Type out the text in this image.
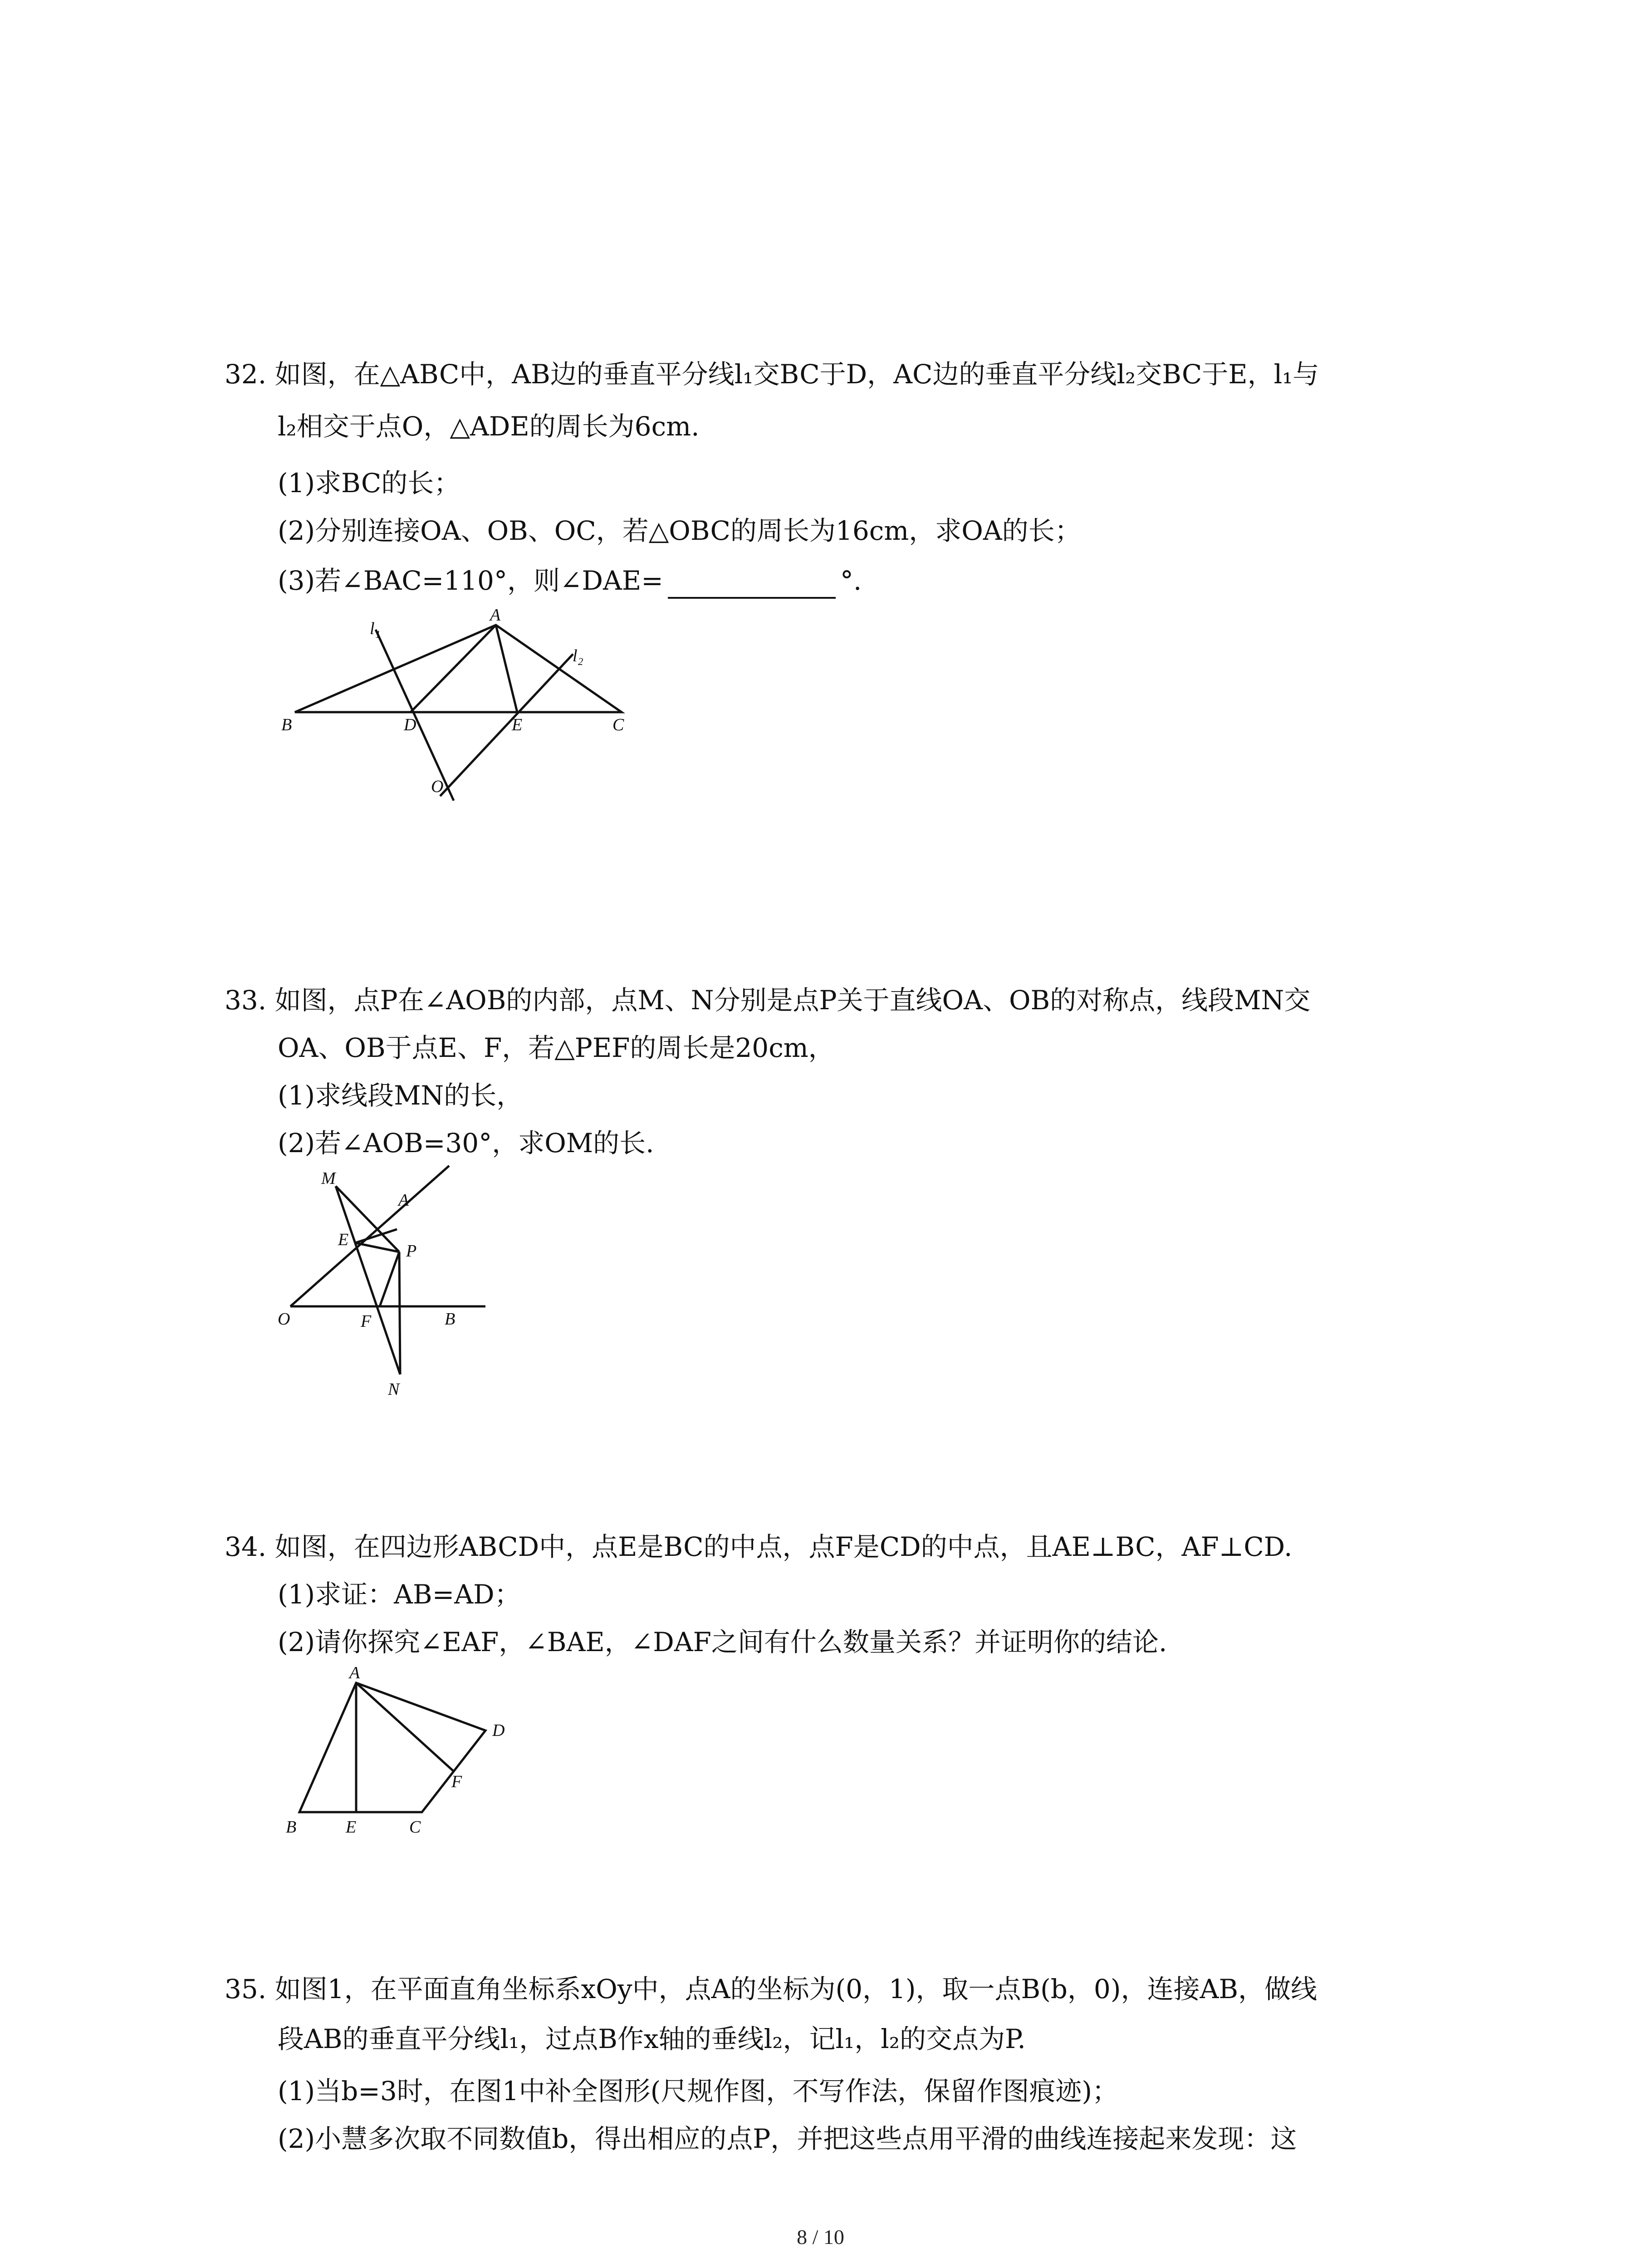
32. 如图，在△ABC中，AB边的垂直平分线l₁交BC于D，AC边的垂直平分线l₂交BC于E，l₁与
l₂相交于点O，△ADE的周长为6cm.
(1)求BC的长；
(2)分别连接OA、OB、OC，若△OBC的周长为16cm，求OA的长；
(3)若∠BAC=110°，则∠DAE=	°.
A
B	D	E	C
O
l₁
l₂
33. 如图，点P在∠AOB的内部，点M、N分别是点P关于直线OA、OB的对称点，线段MN交
OA、OB于点E、F，若△PEF的周长是20cm，
(1)求线段MN的长，
(2)若∠AOB=30°，求OM的长.
M
A
E
P
O	F	B
N
34. 如图，在四边形ABCD中，点E是BC的中点，点F是CD的中点，且AE⊥BC，AF⊥CD.
(1)求证：AB=AD；
(2)请你探究∠EAF，∠BAE，∠DAF之间有什么数量关系？并证明你的结论.
A
B	E	C
D
F
35. 如图1，在平面直角坐标系xOy中，点A的坐标为(0，1)，取一点B(b，0)，连接AB，做线
段AB的垂直平分线l₁，过点B作x轴的垂线l₂，记l₁，l₂的交点为P.
(1)当b=3时，在图1中补全图形(尺规作图，不写作法，保留作图痕迹)；
(2)小慧多次取不同数值b，得出相应的点P，并把这些点用平滑的曲线连接起来发现：这
8 / 10
